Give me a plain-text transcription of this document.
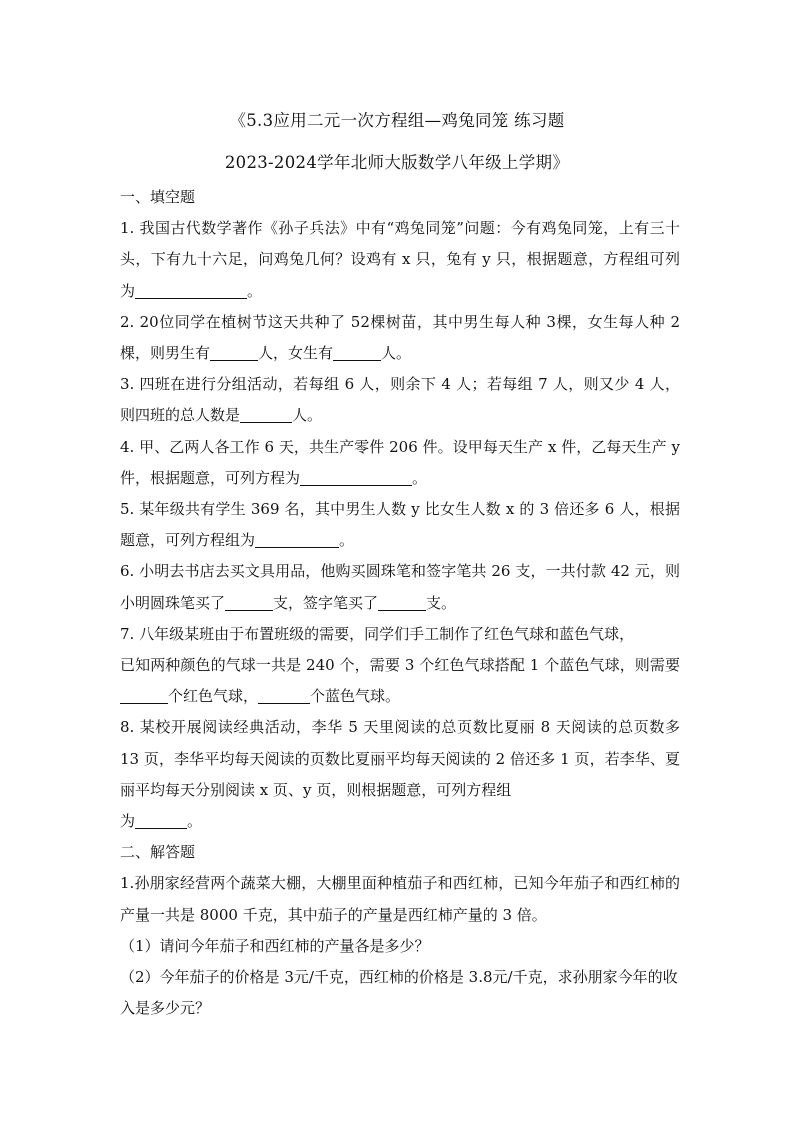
《5.3应用二元一次方程组—鸡兔同笼 练习题
2023-2024学年北师大版数学八年级上学期》

一、填空题

1. 我国古代数学著作《孙子兵法》中有“鸡兔同笼”问题：今有鸡兔同笼，上有三十头，下有九十六足，问鸡兔几何？设鸡有 x 只，兔有 y 只，根据题意，方程组可列为	。

2. 20位同学在植树节这天共种了 52棵树苗，其中男生每人种 3棵，女生每人种 2棵，则男生有	人，女生有	人。

3. 四班在进行分组活动，若每组 6 人，则余下 4 人；若每组 7 人，则又少 4 人，则四班的总人数是	人。

4. 甲、乙两人各工作 6 天，共生产零件 206 件。设甲每天生产 x 件，乙每天生产 y 件，根据题意，可列方程为	。

5. 某年级共有学生 369 名，其中男生人数 y 比女生人数 x 的 3 倍还多 6 人，根据题意，可列方程组为	。

6. 小明去书店去买文具用品，他购买圆珠笔和签字笔共 26 支，一共付款 42 元，则小明圆珠笔买了	支，签字笔买了	支。

7. 八年级某班由于布置班级的需要，同学们手工制作了红色气球和蓝色气球，
已知两种颜色的气球一共是 240 个，需要 3 个红色气球搭配 1 个蓝色气球，则需要个红色气球，	个蓝色气球。

8. 某校开展阅读经典活动，李华 5 天里阅读的总页数比夏丽 8 天阅读的总页数多 13 页，李华平均每天阅读的页数比夏丽平均每天阅读的 2 倍还多 1 页，若李华、夏丽平均每天分别阅读 x 页、y 页，则根据题意，可列方程组
为	。

二、解答题

1.孙朋家经营两个蔬菜大棚，大棚里面种植茄子和西红柿，已知今年茄子和西红柿的产量一共是 8000 千克，其中茄子的产量是西红柿产量的 3 倍。

（1）请问今年茄子和西红柿的产量各是多少？

（2）今年茄子的价格是 3元/千克，西红柿的价格是 3.8元/千克，求孙朋家今年的收入是多少元？
